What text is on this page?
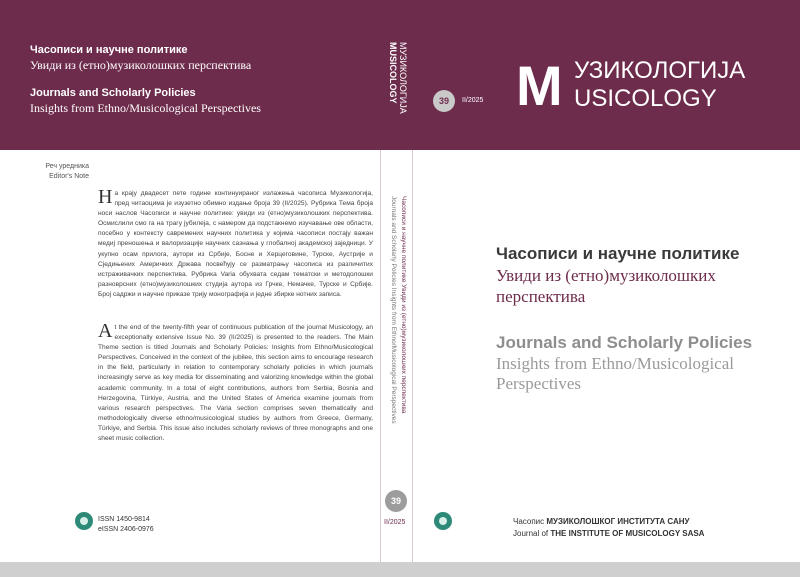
Часописи и научне политике
Увиди из (етно)музиколошких перспектива
Journals and Scholarly Policies
Insights from Ethno/Musicological Perspectives
Реч уредника
Editor's Note
На крају двадесет пете године континуираног излажења часописа Музикологија, пред читаоцима је изузетно обимно издање броја 39 (II/2025). Рубрика Тема броја носи наслов Часописи и научне политике: увиди из (етно)музиколошких перспектива. Осмислили смо га на трагу јубилеја, с намером да подстакнемо изучавање ове области, посебно у контексту савремених научних политика у којима часописи постају важан медиј преношења и валоризације научних сазнања у глобалној академској заједници. У укупно осам прилога, аутори из Србије, Босне и Херцеговине, Турске, Аустрије и Сједињених Америчких Држава посвећују се разматрању часописа из различитих истраживачких перспектива. Рубрика Varia обухвата седам тематски и методолошки разноврсних (етно)музиколошких студија аутора из Грчке, Немачке, Турске и Србије. Број садржи и научне приказе трију монографија и једне збирке нотних записа.
At the end of the twenty-fifth year of continuous publication of the journal Musicology, an exceptionally extensive Issue No. 39 (II/2025) is presented to the readers. The Main Theme section is titled Journals and Scholarly Policies: Insights from Ethno/Musicological Perspectives. Conceived in the context of the jubilee, this section aims to encourage research in the field, particularly in relation to contemporary scholarly policies in which journals increasingly serve as key media for disseminating and valorizing knowledge within the global academic community. In a total of eight contributions, authors from Serbia, Bosnia and Herzegovina, Türkiye, Austria, and the United States of America examine journals from various research perspectives. The Varia section comprises seven thematically and methodologically diverse ethno/musicological studies by authors from Greece, Germany, Türkiye, and Serbia. This issue also includes scholarly reviews of three monographs and one sheet music collection.
ISSN 1450-9814
eISSN 2406-0976
39	II/2025
Часописи и научне политике Увиди из (етно)музиколошких перспектива
Journals and Scholarly Policies Insights from Ethno/Musicological Perspectives
39
II/2025
M УЗИКОЛОГИЈА
USICOLOGY
Часописи и научне политике
Увиди из (етно)музиколошких
перспектива
Journals and Scholarly Policies
Insights from Ethno/Musicological
Perspectives
Часопис МУЗИКОЛОШКОГ ИНСТИТУТА САНУ
Journal of THE INSTITUTE OF MUSICOLOGY SASA
